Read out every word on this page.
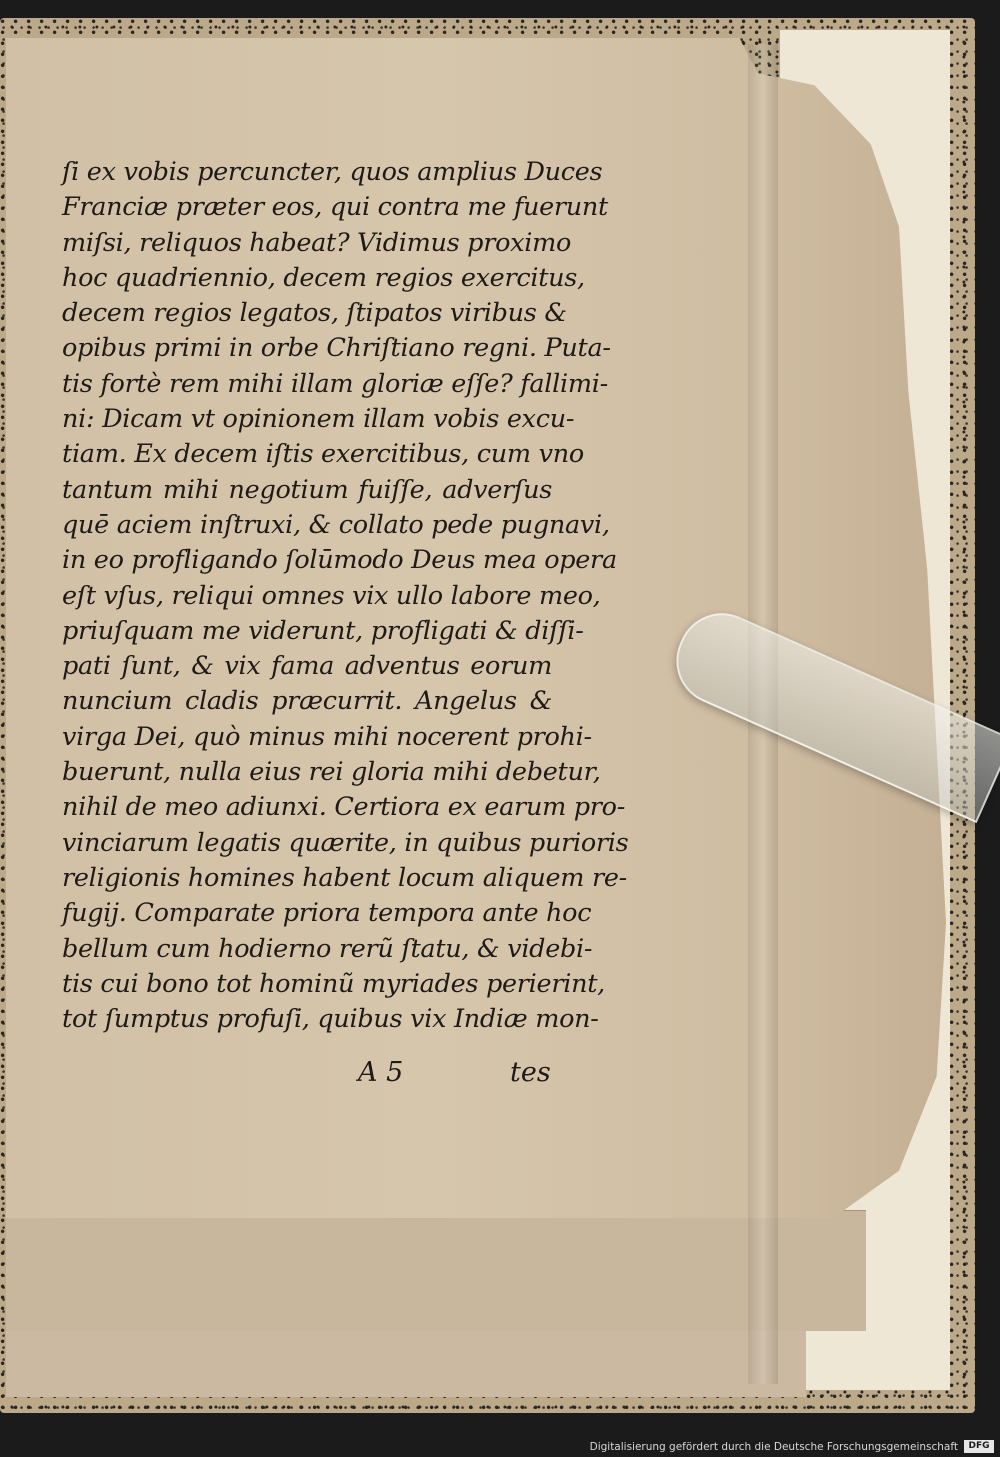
ſi ex vobis percuncter, quos amplius Duces
Franciæ præter eos, qui contra me fuerunt
miſsi, reliquos habeat? Vidimus proximo
hoc quadriennio, decem regios exercitus,
decem regios legatos, ſtipatos viribus &
opibus primi in orbe Chriſtiano regni. Puta-
tis fortè rem mihi illam gloriæ eſſe? fallimi-
ni: Dicam vt opinionem illam vobis excu-
tiam. Ex decem iſtis exercitibus, cum vno
tantum mihi negotium fuiſſe, adverſus
quē aciem inſtruxi, & collato pede pugnavi,
in eo profligando ſolūmodo Deus mea opera
eſt vſus, reliqui omnes vix ullo labore meo,
priuſquam me viderunt, profligati & diſſi-
pati ſunt, & vix fama adventus eorum
nuncium cladis præcurrit. Angelus &
virga Dei, quò minus mihi nocerent prohi-
buerunt, nulla eius rei gloria mihi debetur,
nihil de meo adiunxi. Certiora ex earum pro-
vinciarum legatis quærite, in quibus purioris
religionis homines habent locum aliquem re-
fugij. Comparate priora tempora ante hoc
bellum cum hodierno rerũ ſtatu, & videbi-
tis cui bono tot hominũ myriades perierint,
tot ſumptus profuſi, quibus vix Indiæ mon-
A 5	tes
Digitalisierung gefördert durch die Deutsche Forschungsgemeinschaft	DFG
